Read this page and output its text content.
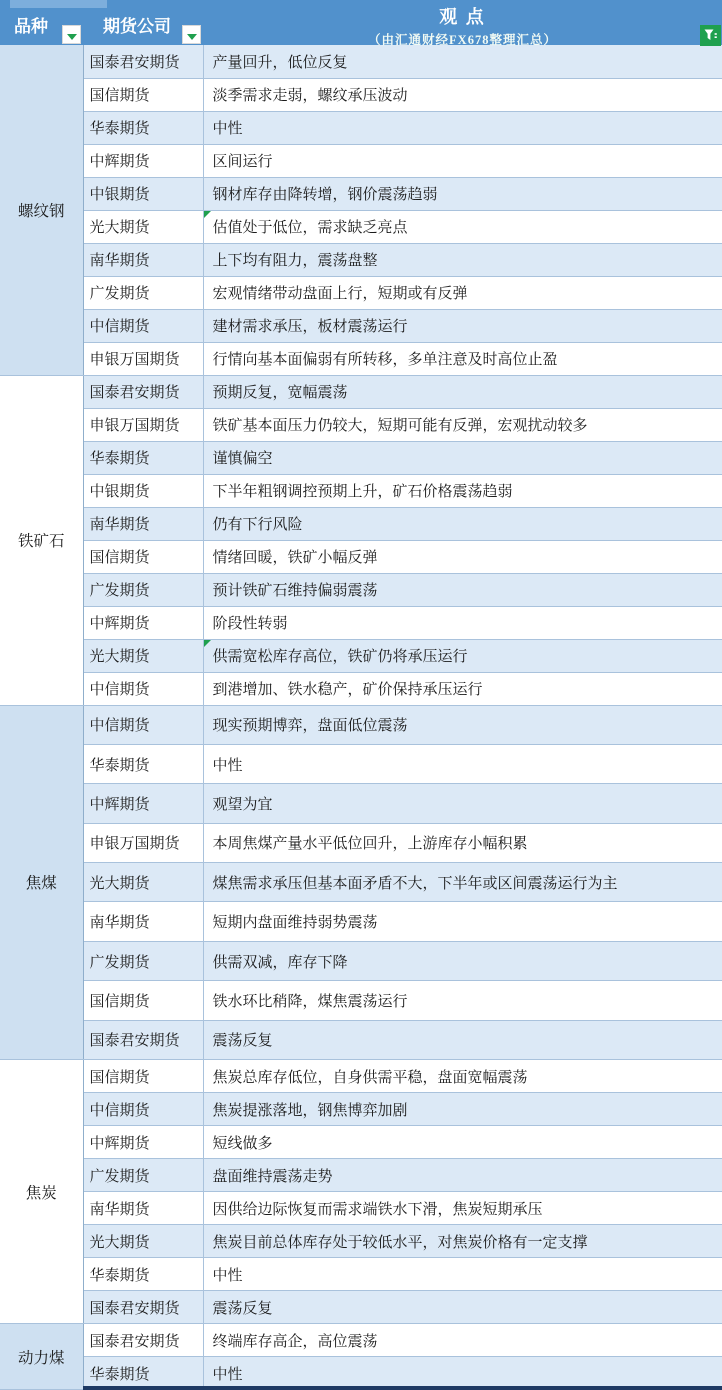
品种	期货公司	观 点
（由汇通财经FX678整理汇总）
螺纹钢	国泰君安期货	产量回升，低位反复
	国信期货	淡季需求走弱，螺纹承压波动
	华泰期货	中性
	中辉期货	区间运行
	中银期货	钢材库存由降转增，钢价震荡趋弱
	光大期货	估值处于低位，需求缺乏亮点

	南华期货	上下均有阻力，震荡盘整
	广发期货	宏观情绪带动盘面上行，短期或有反弹
	中信期货	建材需求承压，板材震荡运行
	申银万国期货	行情向基本面偏弱有所转移，多单注意及时高位止盈
铁矿石	国泰君安期货	预期反复，宽幅震荡
	申银万国期货	铁矿基本面压力仍较大，短期可能有反弹，宏观扰动较多
	华泰期货	谨慎偏空
	中银期货	下半年粗钢调控预期上升，矿石价格震荡趋弱
	南华期货	仍有下行风险
	国信期货	情绪回暖，铁矿小幅反弹
	广发期货	预计铁矿石维持偏弱震荡
	中辉期货	阶段性转弱
	光大期货	供需宽松库存高位，铁矿仍将承压运行

	中信期货	到港增加、铁水稳产，矿价保持承压运行
焦煤	中信期货	现实预期博弈，盘面低位震荡
	华泰期货	中性
	中辉期货	观望为宜
	申银万国期货	本周焦煤产量水平低位回升，上游库存小幅积累
	光大期货	煤焦需求承压但基本面矛盾不大，下半年或区间震荡运行为主
	南华期货	短期内盘面维持弱势震荡
	广发期货	供需双减，库存下降
	国信期货	铁水环比稍降，煤焦震荡运行
	国泰君安期货	震荡反复
焦炭	国信期货	焦炭总库存低位，自身供需平稳，盘面宽幅震荡
	中信期货	焦炭提涨落地，钢焦博弈加剧
	中辉期货	短线做多
	广发期货	盘面维持震荡走势
	南华期货	因供给边际恢复而需求端铁水下滑，焦炭短期承压
	光大期货	焦炭目前总体库存处于较低水平，对焦炭价格有一定支撑
	华泰期货	中性
	国泰君安期货	震荡反复
动力煤	国泰君安期货	终端库存高企，高位震荡
	华泰期货	中性
